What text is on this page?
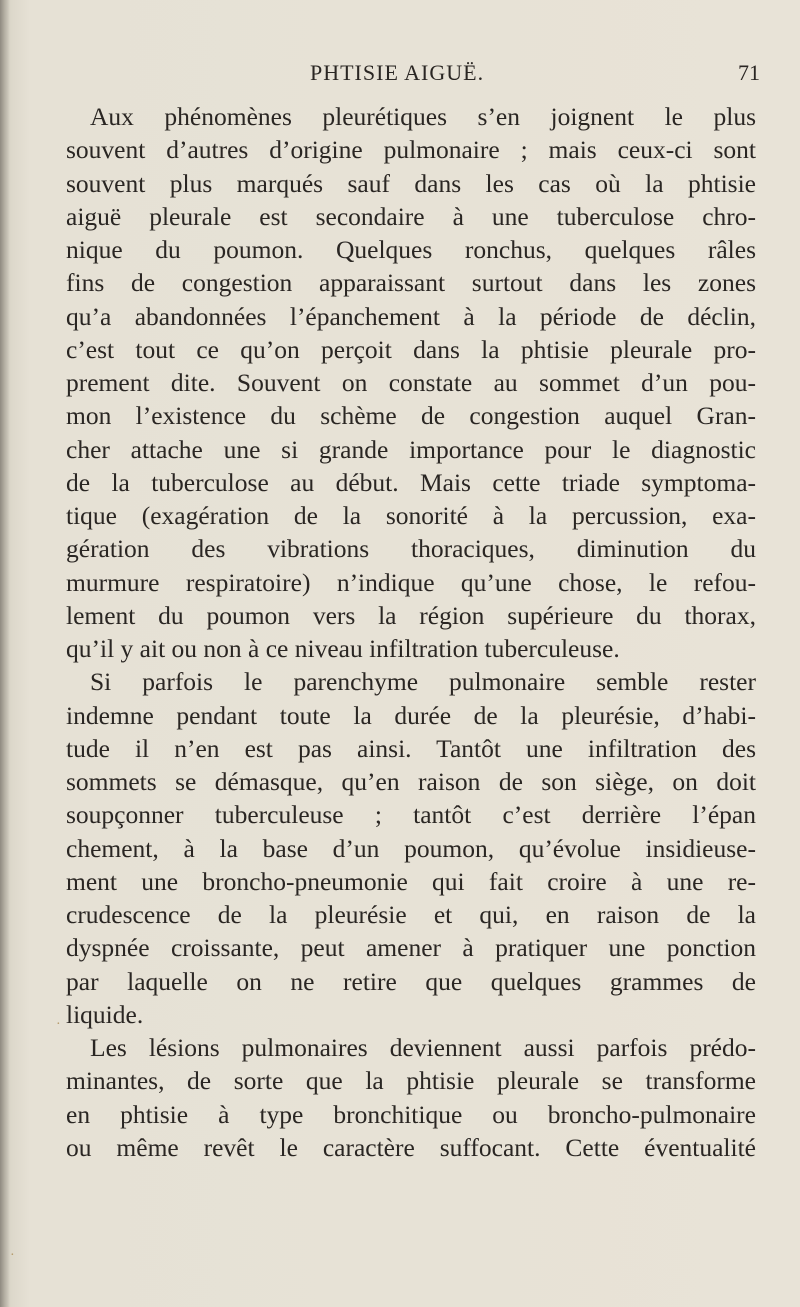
PHTISIE AIGUË.	71
Aux phénomènes pleurétiques s’en joignent le plus
souvent d’autres d’origine pulmonaire ; mais ceux-ci sont
souvent plus marqués sauf dans les cas où la phtisie
aiguë pleurale est secondaire à une tuberculose chro-
nique du poumon. Quelques ronchus, quelques râles
fins de congestion apparaissant surtout dans les zones
qu’a abandonnées l’épanchement à la période de déclin,
c’est tout ce qu’on perçoit dans la phtisie pleurale pro-
prement dite. Souvent on constate au sommet d’un pou-
mon l’existence du schème de congestion auquel Gran-
cher attache une si grande importance pour le diagnostic
de la tuberculose au début. Mais cette triade symptoma-
tique (exagération de la sonorité à la percussion, exa-
gération des vibrations thoraciques, diminution du
murmure respiratoire) n’indique qu’une chose, le refou-
lement du poumon vers la région supérieure du thorax,
qu’il y ait ou non à ce niveau infiltration tuberculeuse.
Si parfois le parenchyme pulmonaire semble rester
indemne pendant toute la durée de la pleurésie, d’habi-
tude il n’en est pas ainsi. Tantôt une infiltration des
sommets se démasque, qu’en raison de son siège, on doit
soupçonner tuberculeuse ; tantôt c’est derrière l’épan
chement, à la base d’un poumon, qu’évolue insidieuse-
ment une broncho-pneumonie qui fait croire à une re-
crudescence de la pleurésie et qui, en raison de la
dyspnée croissante, peut amener à pratiquer une ponction
par laquelle on ne retire que quelques grammes de
liquide.
Les lésions pulmonaires deviennent aussi parfois prédo-
minantes, de sorte que la phtisie pleurale se transforme
en phtisie à type bronchitique ou broncho-pulmonaire
ou même revêt le caractère suffocant. Cette éventualité
·
·
